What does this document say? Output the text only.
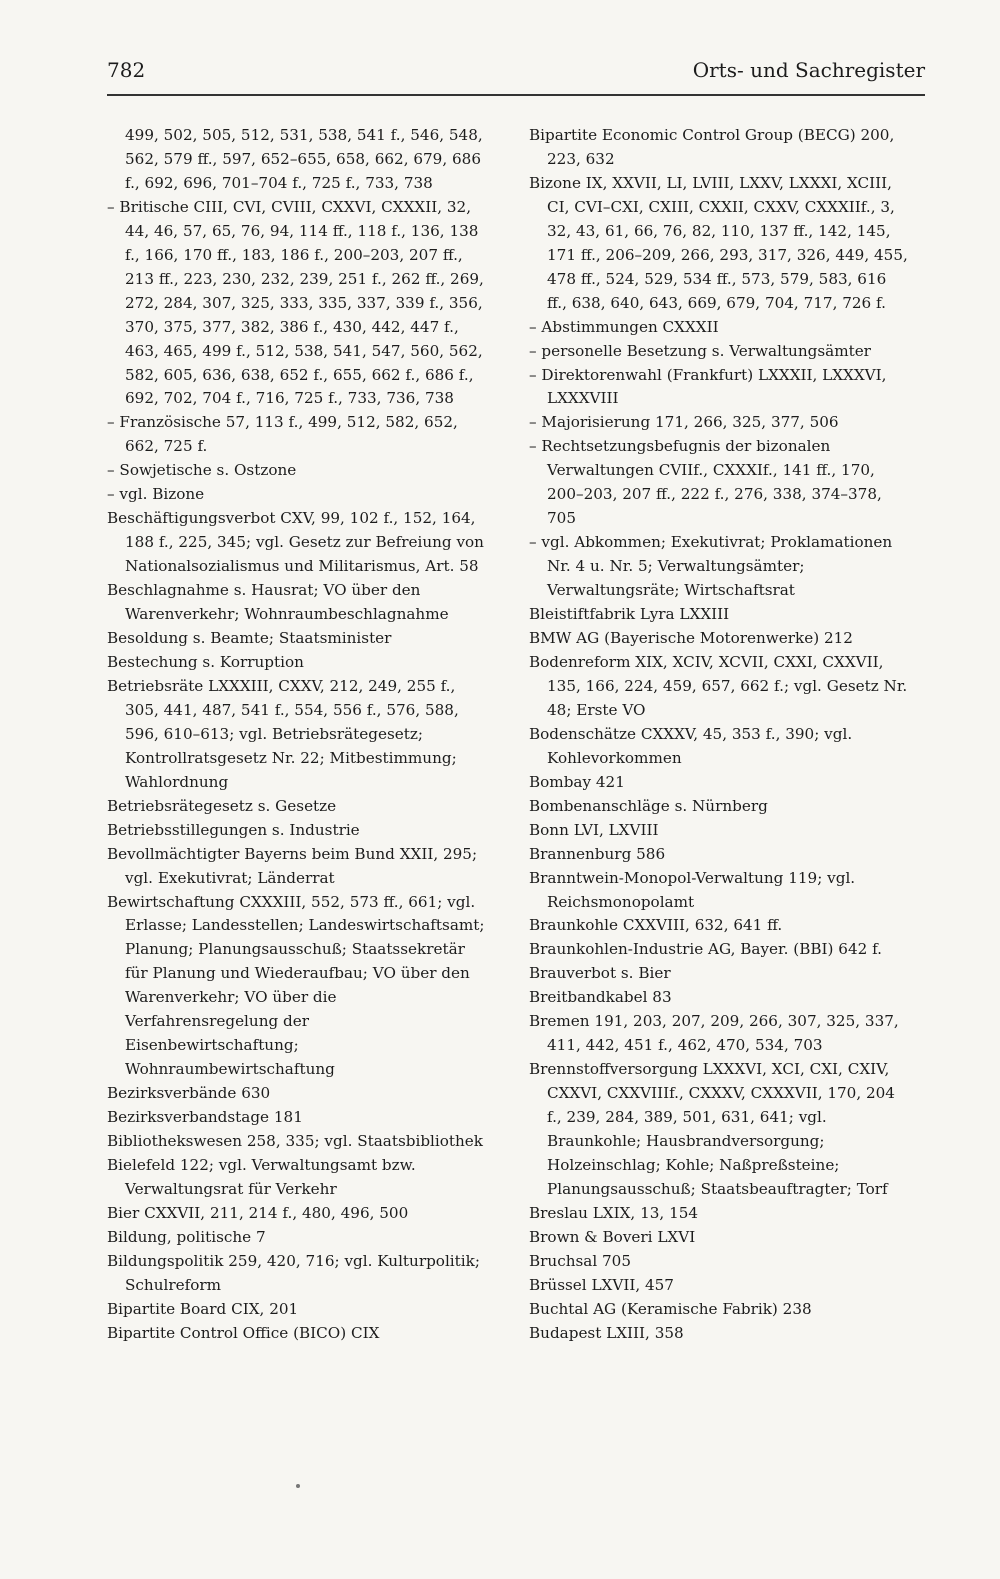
782	Orts- und Sachregister

499, 502, 505, 512, 531, 538, 541 f., 546, 548, 562, 579 ff., 597, 652–655, 658, 662, 679, 686 f., 692, 696, 701–704 f., 725 f., 733, 738

– Britische CIII, CVI, CVIII, CXXVI, CXXXII, 32, 44, 46, 57, 65, 76, 94, 114 ff., 118 f., 136, 138 f., 166, 170 ff., 183, 186 f., 200–203, 207 ff., 213 ff., 223, 230, 232, 239, 251 f., 262 ff., 269, 272, 284, 307, 325, 333, 335, 337, 339 f., 356, 370, 375, 377, 382, 386 f., 430, 442, 447 f., 463, 465, 499 f., 512, 538, 541, 547, 560, 562, 582, 605, 636, 638, 652 f., 655, 662 f., 686 f., 692, 702, 704 f., 716, 725 f., 733, 736, 738

– Französische 57, 113 f., 499, 512, 582, 652, 662, 725 f.

– Sowjetische s. Ostzone

– vgl. Bizone

Beschäftigungsverbot CXV, 99, 102 f., 152, 164, 188 f., 225, 345; vgl. Gesetz zur Befreiung von Nationalsozialismus und Militarismus, Art. 58

Beschlagnahme s. Hausrat; VO über den Warenverkehr; Wohnraumbeschlagnahme

Besoldung s. Beamte; Staatsminister

Bestechung s. Korruption

Betriebsräte LXXXIII, CXXV, 212, 249, 255 f., 305, 441, 487, 541 f., 554, 556 f., 576, 588, 596, 610–613; vgl. Betriebsrätegesetz; Kontrollratsgesetz Nr. 22; Mitbestimmung; Wahlordnung

Betriebsrätegesetz s. Gesetze

Betriebsstillegungen s. Industrie

Bevollmächtigter Bayerns beim Bund XXII, 295; vgl. Exekutivrat; Länderrat

Bewirtschaftung CXXXIII, 552, 573 ff., 661; vgl. Erlasse; Landesstellen; Landeswirtschaftsamt; Planung; Planungsausschuß; Staatssekretär für Planung und Wiederaufbau; VO über den Warenverkehr; VO über die Verfahrensregelung der Eisenbewirtschaftung; Wohnraumbewirtschaftung

Bezirksverbände 630

Bezirksverbandstage 181

Bibliothekswesen 258, 335; vgl. Staatsbibliothek

Bielefeld 122; vgl. Verwaltungsamt bzw. Verwaltungsrat für Verkehr

Bier CXXVII, 211, 214 f., 480, 496, 500

Bildung, politische 7

Bildungspolitik 259, 420, 716; vgl. Kulturpolitik; Schulreform

Bipartite Board CIX, 201

Bipartite Control Office (BICO) CIX

Bipartite Economic Control Group (BECG) 200, 223, 632

Bizone IX, XXVII, LI, LVIII, LXXV, LXXXI, XCIII, CI, CVI–CXI, CXIII, CXXII, CXXV, CXXXIIf., 3, 32, 43, 61, 66, 76, 82, 110, 137 ff., 142, 145, 171 ff., 206–209, 266, 293, 317, 326, 449, 455, 478 ff., 524, 529, 534 ff., 573, 579, 583, 616 ff., 638, 640, 643, 669, 679, 704, 717, 726 f.

– Abstimmungen CXXXII

– personelle Besetzung s. Verwaltungsämter

– Direktorenwahl (Frankfurt) LXXXII, LXXXVI, LXXXVIII

– Majorisierung 171, 266, 325, 377, 506

– Rechtsetzungsbefugnis der bizonalen Verwaltungen CVIIf., CXXXIf., 141 ff., 170, 200–203, 207 ff., 222 f., 276, 338, 374–378, 705

– vgl. Abkommen; Exekutivrat; Proklamationen Nr. 4 u. Nr. 5; Verwaltungsämter; Verwaltungsräte; Wirtschaftsrat

Bleistiftfabrik Lyra LXXIII

BMW AG (Bayerische Motorenwerke) 212

Bodenreform XIX, XCIV, XCVII, CXXI, CXXVII, 135, 166, 224, 459, 657, 662 f.; vgl. Gesetz Nr. 48; Erste VO

Bodenschätze CXXXV, 45, 353 f., 390; vgl. Kohlevorkommen

Bombay 421

Bombenanschläge s. Nürnberg

Bonn LVI, LXVIII

Brannenburg 586

Branntwein-Monopol-Verwaltung 119; vgl. Reichsmonopolamt

Braunkohle CXXVIII, 632, 641 ff.

Braunkohlen-Industrie AG, Bayer. (BBI) 642 f.

Brauverbot s. Bier

Breitbandkabel 83

Bremen 191, 203, 207, 209, 266, 307, 325, 337, 411, 442, 451 f., 462, 470, 534, 703

Brennstoffversorgung LXXXVI, XCI, CXI, CXIV, CXXVI, CXXVIIIf., CXXXV, CXXXVII, 170, 204 f., 239, 284, 389, 501, 631, 641; vgl. Braunkohle; Hausbrandversorgung; Holzeinschlag; Kohle; Naßpreßsteine; Planungsausschuß; Staatsbeauftragter; Torf

Breslau LXIX, 13, 154

Brown & Boveri LXVI

Bruchsal 705

Brüssel LXVII, 457

Buchtal AG (Keramische Fabrik) 238

Budapest LXIII, 358
